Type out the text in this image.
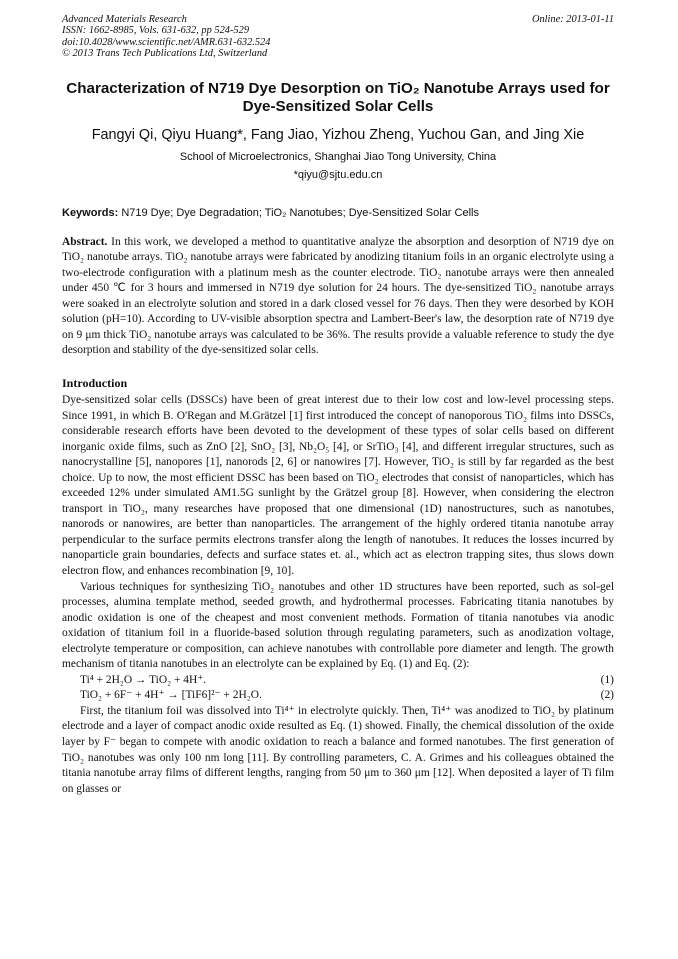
Advanced Materials Research
ISSN: 1662-8985, Vols. 631-632, pp 524-529
doi:10.4028/www.scientific.net/AMR.631-632.524
© 2013 Trans Tech Publications Ltd, Switzerland
Online: 2013-01-11
Characterization of N719 Dye Desorption on TiO₂ Nanotube Arrays used for Dye-Sensitized Solar Cells
Fangyi Qi, Qiyu Huang*, Fang Jiao, Yizhou Zheng, Yuchou Gan, and Jing Xie
School of Microelectronics, Shanghai Jiao Tong University, China
*qiyu@sjtu.edu.cn
Keywords: N719 Dye; Dye Degradation; TiO₂ Nanotubes; Dye-Sensitized Solar Cells
Abstract. In this work, we developed a method to quantitative analyze the absorption and desorption of N719 dye on TiO₂ nanotube arrays. TiO₂ nanotube arrays were fabricated by anodizing titanium foils in an organic electrolyte using a two-electrode configuration with a platinum mesh as the counter electrode. TiO₂ nanotube arrays were then annealed under 450 ℃ for 3 hours and immersed in N719 dye solution for 24 hours. The dye-sensitized TiO₂ nanotube arrays were soaked in an electrolyte solution and stored in a dark closed vessel for 76 days. Then they were desorbed by KOH solution (pH=10). According to UV-visible absorption spectra and Lambert-Beer's law, the desorption rate of N719 dye on 9 μm thick TiO₂ nanotube arrays was calculated to be 36%. The results provide a valuable reference to study the dye desorption and stability of the dye-sensitized solar cells.
Introduction

Dye-sensitized solar cells (DSSCs) have been of great interest due to their low cost and low-level processing steps. Since 1991, in which B. O'Regan and M.Grätzel [1] first introduced the concept of nanoporous TiO₂ films into DSSCs, considerable research efforts have been devoted to the development of these types of solar cells based on different inorganic oxide films, such as ZnO [2], SnO₂ [3], Nb₂O₅ [4], or SrTiO₃ [4], and different irregular structures, such as nanocrystalline [5], nanopores [1], nanorods [2, 6] or nanowires [7]. However, TiO₂ is still by far regarded as the best choice. Up to now, the most efficient DSSC has been based on TiO₂ electrodes that consist of nanoparticles, which has exceeded 12% under simulated AM1.5G sunlight by the Grätzel group [8]. However, when considering the electron transport in TiO₂, many researches have proposed that one dimensional (1D) nanostructures, such as nanotubes, nanorods or nanowires, are better than nanoparticles. The arrangement of the highly ordered titania nanotube array perpendicular to the surface permits electrons transfer along the length of nanotubes. It reduces the losses incurred by nanoparticle grain boundaries, defects and surface states et. al., which act as electron trapping sites, thus slows down electron flow, and enhances recombination [9, 10].

Various techniques for synthesizing TiO₂ nanotubes and other 1D structures have been reported, such as sol-gel processes, alumina template method, seeded growth, and hydrothermal processes. Fabricating titania nanotubes by anodic oxidation is one of the cheapest and most convenient methods. Formation of titania nanotubes via anodic oxidation of titanium foil in a fluoride-based solution through regulating parameters, such as anodization voltage, electrolyte temperature or composition, can achieve nanotubes with controllable pore diameter and length. The growth mechanism of titania nanotubes in an electrolyte can be explained by Eq. (1) and Eq. (2):

Ti⁴ + 2H₂O → TiO₂ + 4H⁺.	(1)
TiO₂ + 6F⁻ + 4H⁺ → [TiF6]²⁻ + 2H₂O.	(2)

First, the titanium foil was dissolved into Ti⁴⁺ in electrolyte quickly. Then, Ti⁴⁺ was anodized to TiO₂ by platinum electrode and a layer of compact anodic oxide resulted as Eq. (1) showed. Finally, the chemical dissolution of the oxide layer by F⁻ began to compete with anodic oxidation to reach a balance and formed nanotubes. The first generation of TiO₂ nanotubes was only 100 nm long [11]. By controlling parameters, C. A. Grimes and his colleagues obtained the titania nanotube array films of different lengths, ranging from 50 μm to 360 μm [12]. When deposited a layer of Ti film on glasses or
